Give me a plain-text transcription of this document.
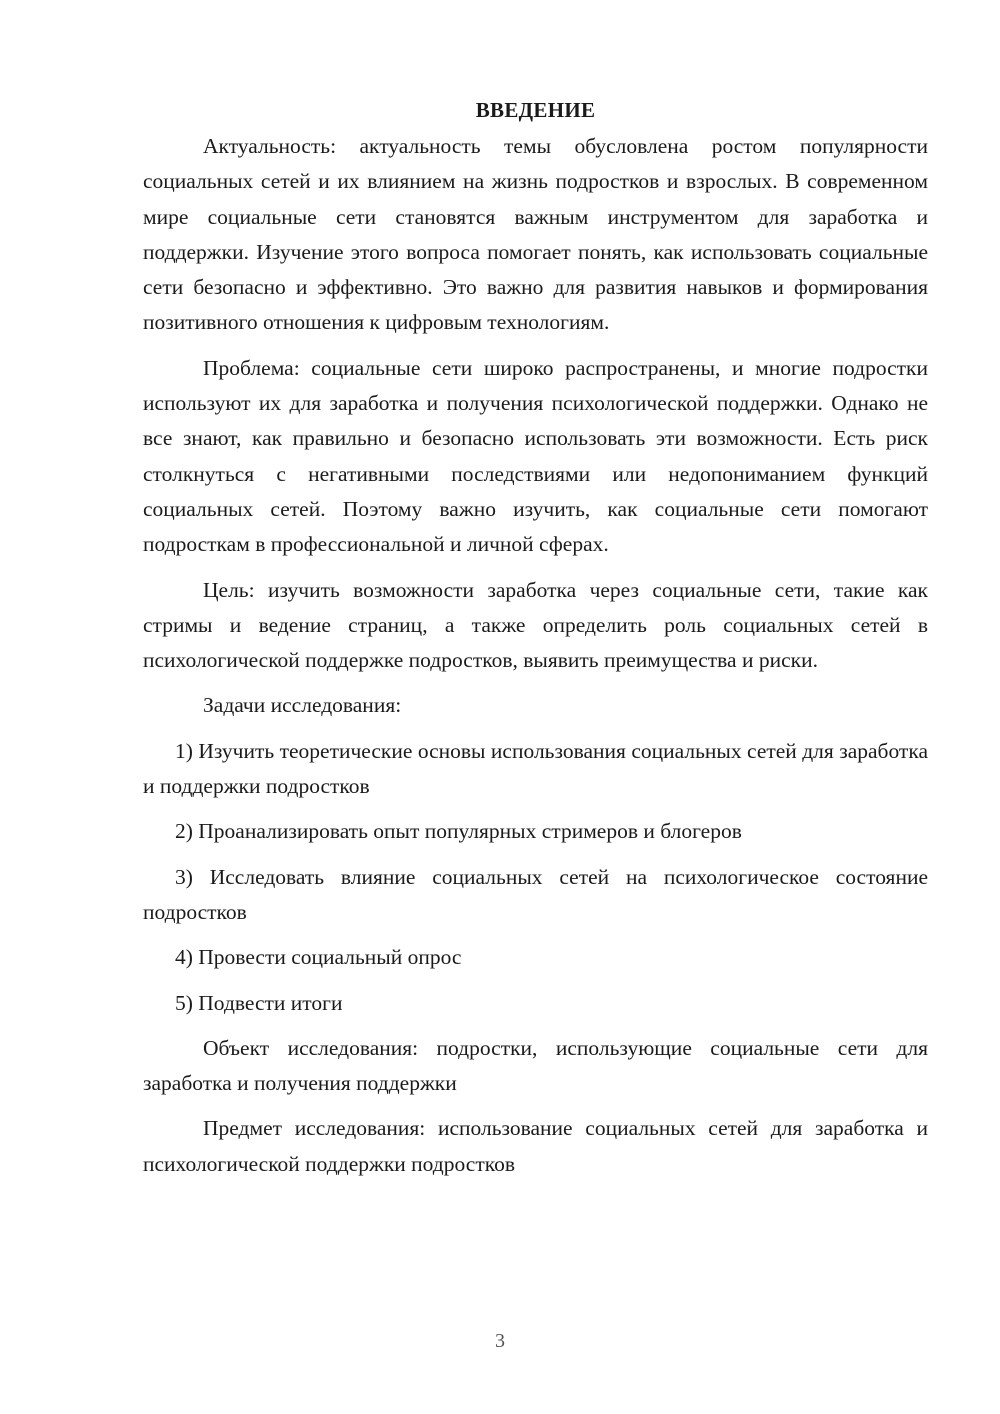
ВВЕДЕНИЕ

Актуальность: актуальность темы обусловлена ростом популярности социальных сетей и их влиянием на жизнь подростков и взрослых. В современном мире социальные сети становятся важным инструментом для заработка и поддержки. Изучение этого вопроса помогает понять, как использовать социальные сети безопасно и эффективно. Это важно для развития навыков и формирования позитивного отношения к цифровым технологиям.

Проблема: социальные сети широко распространены, и многие подростки используют их для заработка и получения психологической поддержки. Однако не все знают, как правильно и безопасно использовать эти возможности. Есть риск столкнуться с негативными последствиями или недопониманием функций социальных сетей. Поэтому важно изучить, как социальные сети помогают подросткам в профессиональной и личной сферах.

Цель: изучить возможности заработка через социальные сети, такие как стримы и ведение страниц, а также определить роль социальных сетей в психологической поддержке подростков, выявить преимущества и риски.

Задачи исследования:

1) Изучить теоретические основы использования социальных сетей для заработка и поддержки подростков

2) Проанализировать опыт популярных стримеров и блогеров

3) Исследовать влияние социальных сетей на психологическое состояние подростков

4) Провести социальный опрос

5) Подвести итоги

Объект исследования: подростки, использующие социальные сети для заработка и получения поддержки

Предмет исследования: использование социальных сетей для заработка и психологической поддержки подростков

3
